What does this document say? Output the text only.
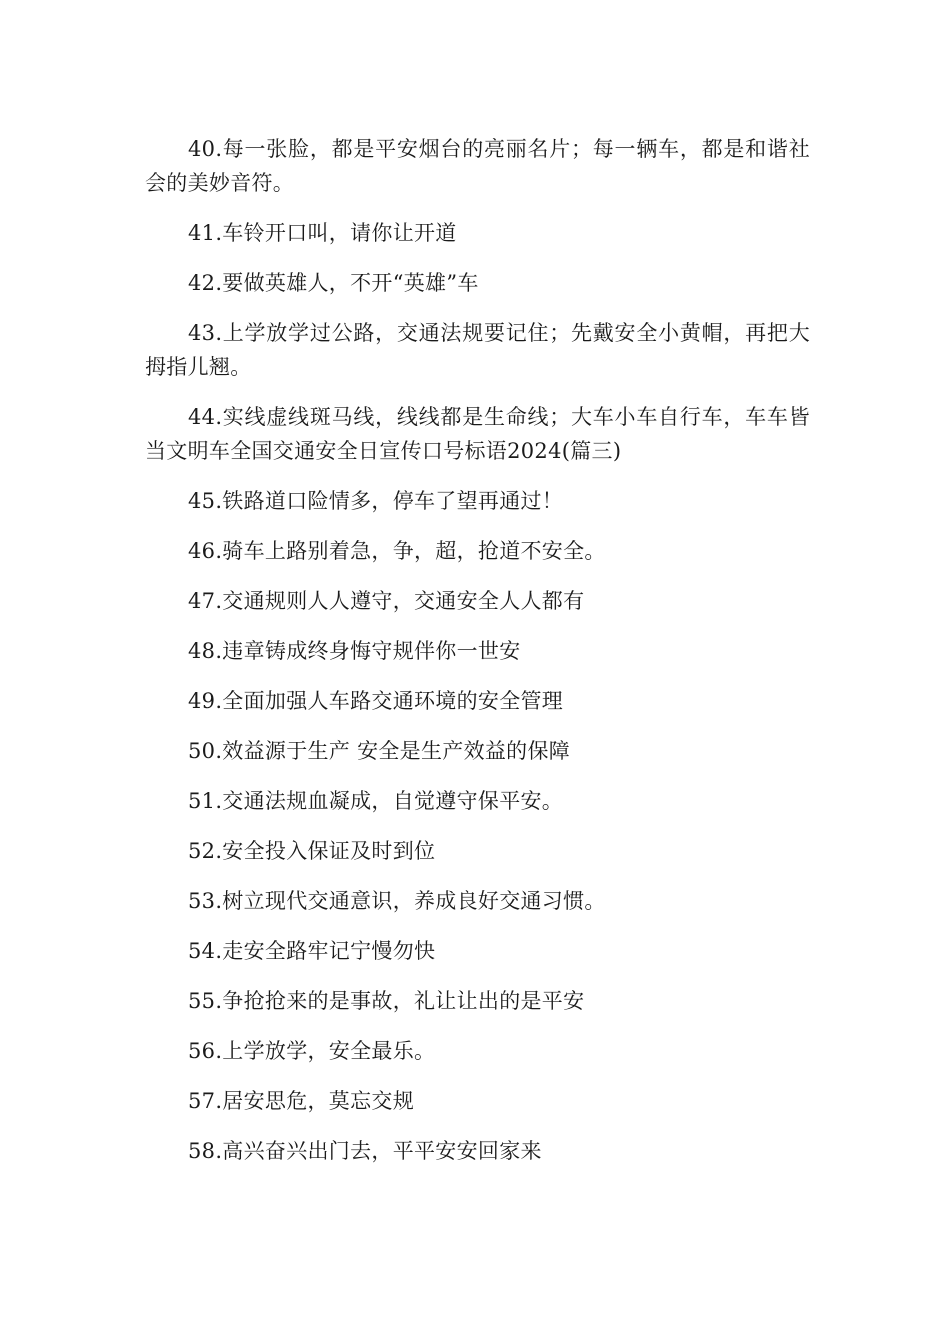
40.每一张脸，都是平安烟台的亮丽名片；每一辆车，都是和谐社会的美妙音符。

41.车铃开口叫，请你让开道

42.要做英雄人，不开“英雄”车

43.上学放学过公路，交通法规要记住；先戴安全小黄帽，再把大拇指儿翘。

44.实线虚线斑马线，线线都是生命线；大车小车自行车，车车皆当文明车全国交通安全日宣传口号标语2024(篇三)

45.铁路道口险情多，停车了望再通过！

46.骑车上路别着急，争，超，抢道不安全。

47.交通规则人人遵守，交通安全人人都有

48.违章铸成终身悔守规伴你一世安

49.全面加强人车路交通环境的安全管理

50.效益源于生产 安全是生产效益的保障

51.交通法规血凝成，自觉遵守保平安。

52.安全投入保证及时到位

53.树立现代交通意识，养成良好交通习惯。

54.走安全路牢记宁慢勿快

55.争抢抢来的是事故，礼让让出的是平安

56.上学放学，安全最乐。

57.居安思危，莫忘交规

58.高兴奋兴出门去，平平安安回家来
